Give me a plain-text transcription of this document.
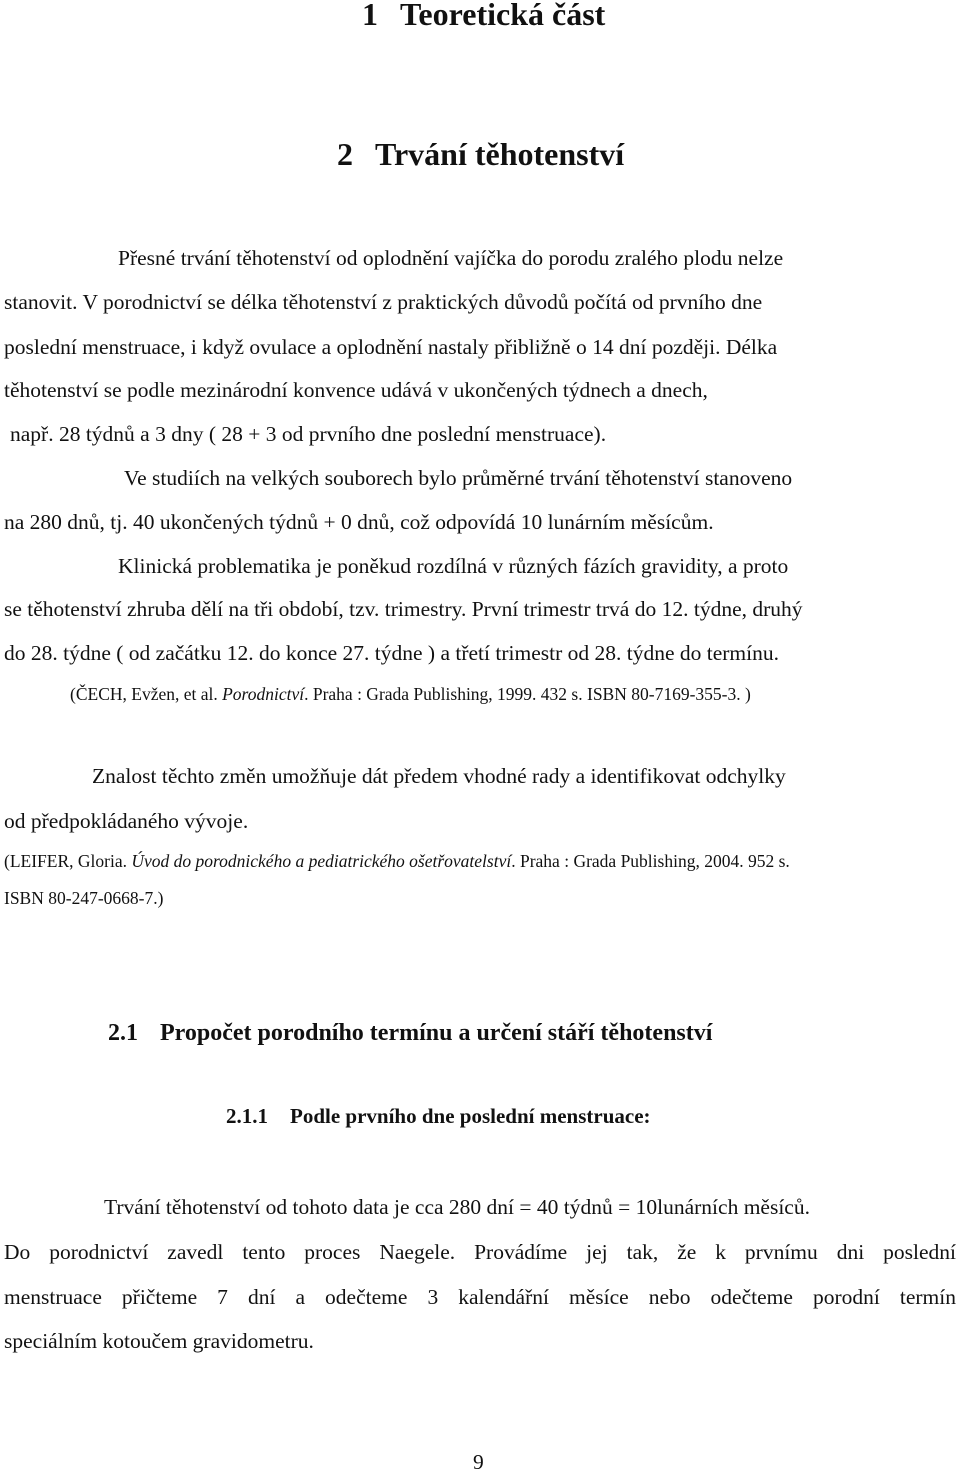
1 Teoretická část
2 Trvání těhotenství
Přesné trvání těhotenství od oplodnění vajíčka do porodu zralého plodu nelze
stanovit. V porodnictví se délka těhotenství z praktických důvodů počítá od prvního dne
poslední menstruace, i když ovulace a oplodnění nastaly přibližně o 14 dní později. Délka
těhotenství se podle mezinárodní konvence udává v ukončených týdnech a dnech,
např. 28 týdnů a 3 dny ( 28 + 3 od prvního dne poslední menstruace).
Ve studiích na velkých souborech bylo průměrné trvání těhotenství stanoveno
na 280 dnů, tj. 40 ukončených týdnů + 0 dnů, což odpovídá 10 lunárním měsícům.
Klinická problematika je poněkud rozdílná v různých fázích gravidity, a proto
se těhotenství zhruba dělí na tři období, tzv. trimestry. První trimestr trvá do 12. týdne, druhý
do 28. týdne ( od začátku 12. do konce 27. týdne ) a třetí trimestr od 28. týdne do termínu.
(ČECH, Evžen, et al. Porodnictví. Praha : Grada Publishing, 1999. 432 s. ISBN 80-7169-355-3. )
Znalost těchto změn umožňuje dát předem vhodné rady a identifikovat odchylky
od předpokládaného vývoje.
(LEIFER, Gloria. Úvod do porodnického a pediatrického ošetřovatelství. Praha : Grada Publishing, 2004. 952 s.
ISBN 80-247-0668-7.)
2.1 Propočet porodního termínu a určení stáří těhotenství
2.1.1 Podle prvního dne poslední menstruace:
Trvání těhotenství od tohoto data je cca 280 dní = 40 týdnů = 10lunárních měsíců.
Do porodnictví zavedl tento proces Naegele. Provádíme jej tak, že k prvnímu dni poslední
menstruace přičteme 7 dní a odečteme 3 kalendářní měsíce nebo odečteme porodní termín
speciálním kotoučem gravidometru.
9
